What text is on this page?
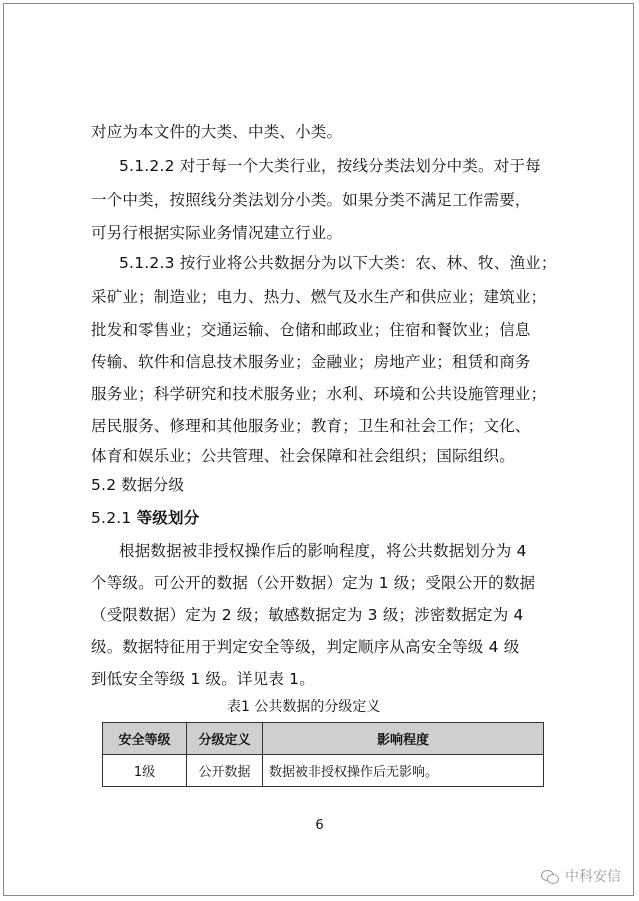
对应为本文件的大类、中类、小类。
5.1.2.2 对于每一个大类行业，按线分类法划分中类。对于每
一个中类，按照线分类法划分小类。如果分类不满足工作需要，
可另行根据实际业务情况建立行业。
5.1.2.3 按行业将公共数据分为以下大类：农、林、牧、渔业；
采矿业；制造业；电力、热力、燃气及水生产和供应业；建筑业；
批发和零售业；交通运输、仓储和邮政业；住宿和餐饮业；信息
传输、软件和信息技术服务业；金融业；房地产业；租赁和商务
服务业；科学研究和技术服务业；水利、环境和公共设施管理业；
居民服务、修理和其他服务业；教育；卫生和社会工作；文化、
体育和娱乐业；公共管理、社会保障和社会组织；国际组织。
5.2 数据分级
5.2.1 等级划分
根据数据被非授权操作后的影响程度，将公共数据划分为 4
个等级。可公开的数据（公开数据）定为 1 级；受限公开的数据
（受限数据）定为 2 级；敏感数据定为 3 级；涉密数据定为 4
级。数据特征用于判定安全等级，判定顺序从高安全等级 4 级
到低安全等级 1 级。详见表 1。
表1 公共数据的分级定义
安全等级	分级定义	影响程度
1级	公开数据	数据被非授权操作后无影响。
6
中科安信
